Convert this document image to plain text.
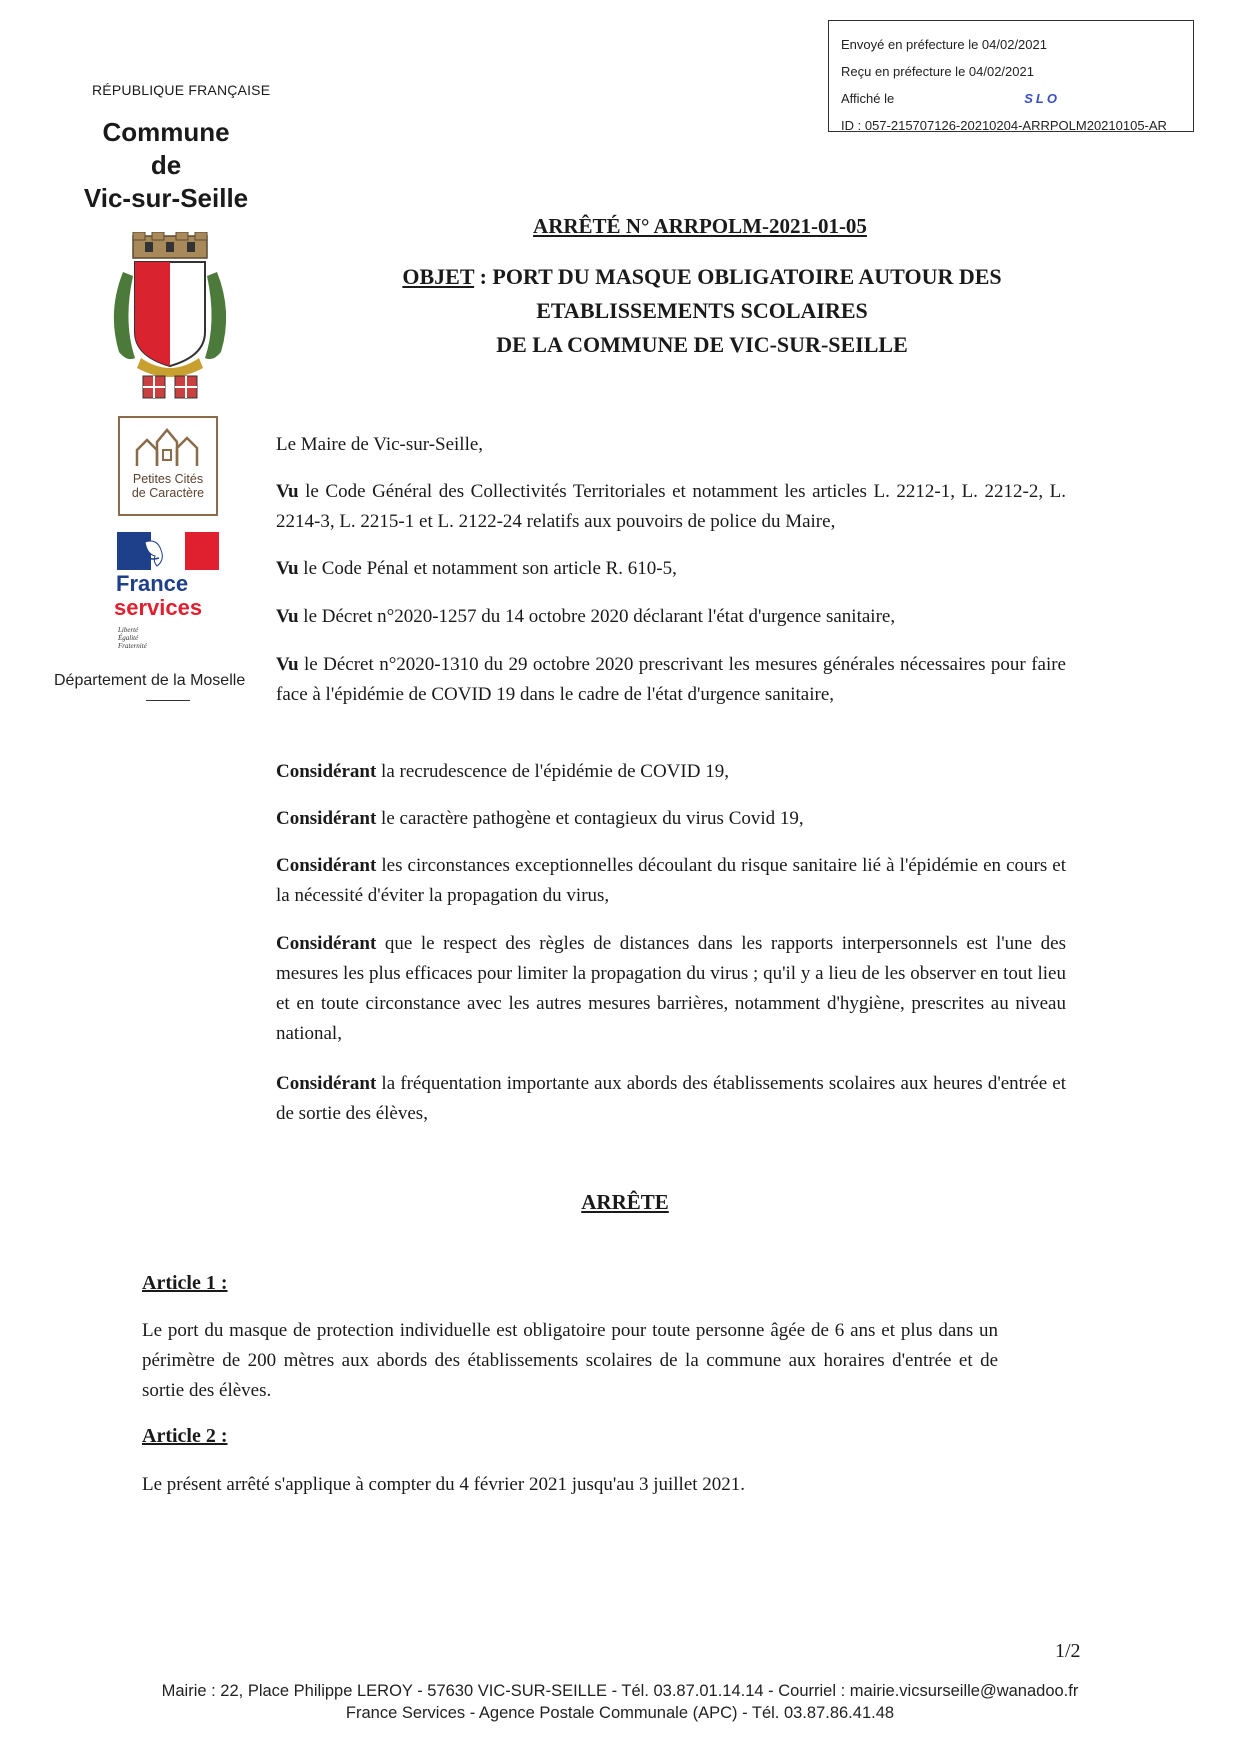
Envoyé en préfecture le 04/02/2021
Reçu en préfecture le 04/02/2021
Affiché le	SLO
ID : 057-215707126-20210204-ARRPOLM20210105-AR
RÉPUBLIQUE FRANÇAISE
Commune
de
Vic-sur-Seille
Petites Cités
de Caractère
France
services
Liberté
Égalité
Fraternité
Département de la Moselle
ARRÊTÉ N° ARRPOLM-2021-01-05
OBJET : PORT DU MASQUE OBLIGATOIRE AUTOUR DES
ETABLISSEMENTS SCOLAIRES
DE LA COMMUNE DE VIC-SUR-SEILLE
Le Maire de Vic-sur-Seille,
Vu le Code Général des Collectivités Territoriales et notamment les articles L. 2212-1, L. 2212-2, L. 2214-3, L. 2215-1 et L. 2122-24 relatifs aux pouvoirs de police du Maire,
Vu le Code Pénal et notamment son article R. 610-5,
Vu le Décret n°2020-1257 du 14 octobre 2020 déclarant l'état d'urgence sanitaire,
Vu le Décret n°2020-1310 du 29 octobre 2020 prescrivant les mesures générales nécessaires pour faire face à l'épidémie de COVID 19 dans le cadre de l'état d'urgence sanitaire,
Considérant la recrudescence de l'épidémie de COVID 19,
Considérant le caractère pathogène et contagieux du virus Covid 19,
Considérant les circonstances exceptionnelles découlant du risque sanitaire lié à l'épidémie en cours et la nécessité d'éviter la propagation du virus,
Considérant que le respect des règles de distances dans les rapports interpersonnels est l'une des mesures les plus efficaces pour limiter la propagation du virus ; qu'il y a lieu de les observer en tout lieu et en toute circonstance avec les autres mesures barrières, notamment d'hygiène, prescrites au niveau national,
Considérant la fréquentation importante aux abords des établissements scolaires aux heures d'entrée et de sortie des élèves,
ARRÊTE
Article 1 :
Le port du masque de protection individuelle est obligatoire pour toute personne âgée de 6 ans et plus dans un périmètre de 200 mètres aux abords des établissements scolaires de la commune aux horaires d'entrée et de sortie des élèves.
Article 2 :
Le présent arrêté s'applique à compter du 4 février 2021 jusqu'au 3 juillet 2021.
1/2
Mairie : 22, Place Philippe LEROY - 57630 VIC-SUR-SEILLE - Tél. 03.87.01.14.14 - Courriel : mairie.vicsurseille@wanadoo.fr
France Services - Agence Postale Communale (APC) - Tél. 03.87.86.41.48
